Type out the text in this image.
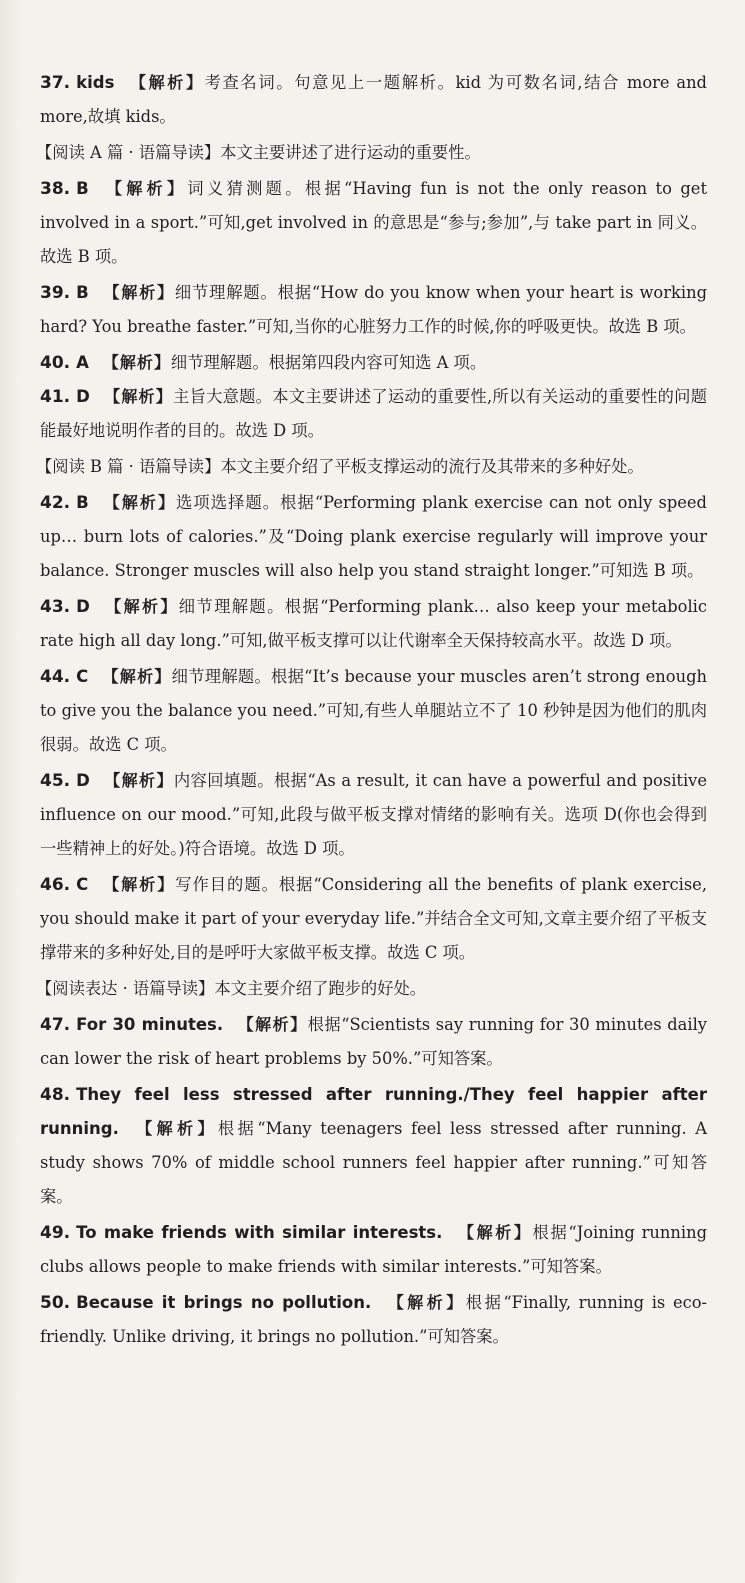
37. kids 【解析】考查名词。句意见上一题解析。kid 为可数名词,结合 more and more,故填 kids。

【阅读 A 篇 · 语篇导读】本文主要讲述了进行运动的重要性。

38. B 【解析】词义猜测题。根据“Having fun is not the only reason to get involved in a sport.”可知,get involved in 的意思是“参与;参加”,与 take part in 同义。故选 B 项。

39. B 【解析】细节理解题。根据“How do you know when your heart is working hard? You breathe faster.”可知,当你的心脏努力工作的时候,你的呼吸更快。故选 B 项。

40. A 【解析】细节理解题。根据第四段内容可知选 A 项。

41. D 【解析】主旨大意题。本文主要讲述了运动的重要性,所以有关运动的重要性的问题能最好地说明作者的目的。故选 D 项。

【阅读 B 篇 · 语篇导读】本文主要介绍了平板支撑运动的流行及其带来的多种好处。

42. B 【解析】选项选择题。根据“Performing plank exercise can not only speed up… burn lots of calories.”及“Doing plank exercise regularly will improve your balance. Stronger muscles will also help you stand straight longer.”可知选 B 项。

43. D 【解析】细节理解题。根据“Performing plank… also keep your metabolic rate high all day long.”可知,做平板支撑可以让代谢率全天保持较高水平。故选 D 项。

44. C 【解析】细节理解题。根据“It’s because your muscles aren’t strong enough to give you the balance you need.”可知,有些人单腿站立不了 10 秒钟是因为他们的肌肉很弱。故选 C 项。

45. D 【解析】内容回填题。根据“As a result, it can have a powerful and positive influence on our mood.”可知,此段与做平板支撑对情绪的影响有关。选项 D(你也会得到一些精神上的好处。)符合语境。故选 D 项。

46. C 【解析】写作目的题。根据“Considering all the benefits of plank exercise, you should make it part of your everyday life.”并结合全文可知,文章主要介绍了平板支撑带来的多种好处,目的是呼吁大家做平板支撑。故选 C 项。

【阅读表达 · 语篇导读】本文主要介绍了跑步的好处。

47. For 30 minutes. 【解析】根据“Scientists say running for 30 minutes daily can lower the risk of heart problems by 50%.”可知答案。

48. They feel less stressed after running./They feel happier after running. 【解析】根据“Many teenagers feel less stressed after running. A study shows 70% of middle school runners feel happier after running.”可知答案。

49. To make friends with similar interests. 【解析】根据“Joining running clubs allows people to make friends with similar interests.”可知答案。

50. Because it brings no pollution. 【解析】根据“Finally, running is eco-friendly. Unlike driving, it brings no pollution.”可知答案。
